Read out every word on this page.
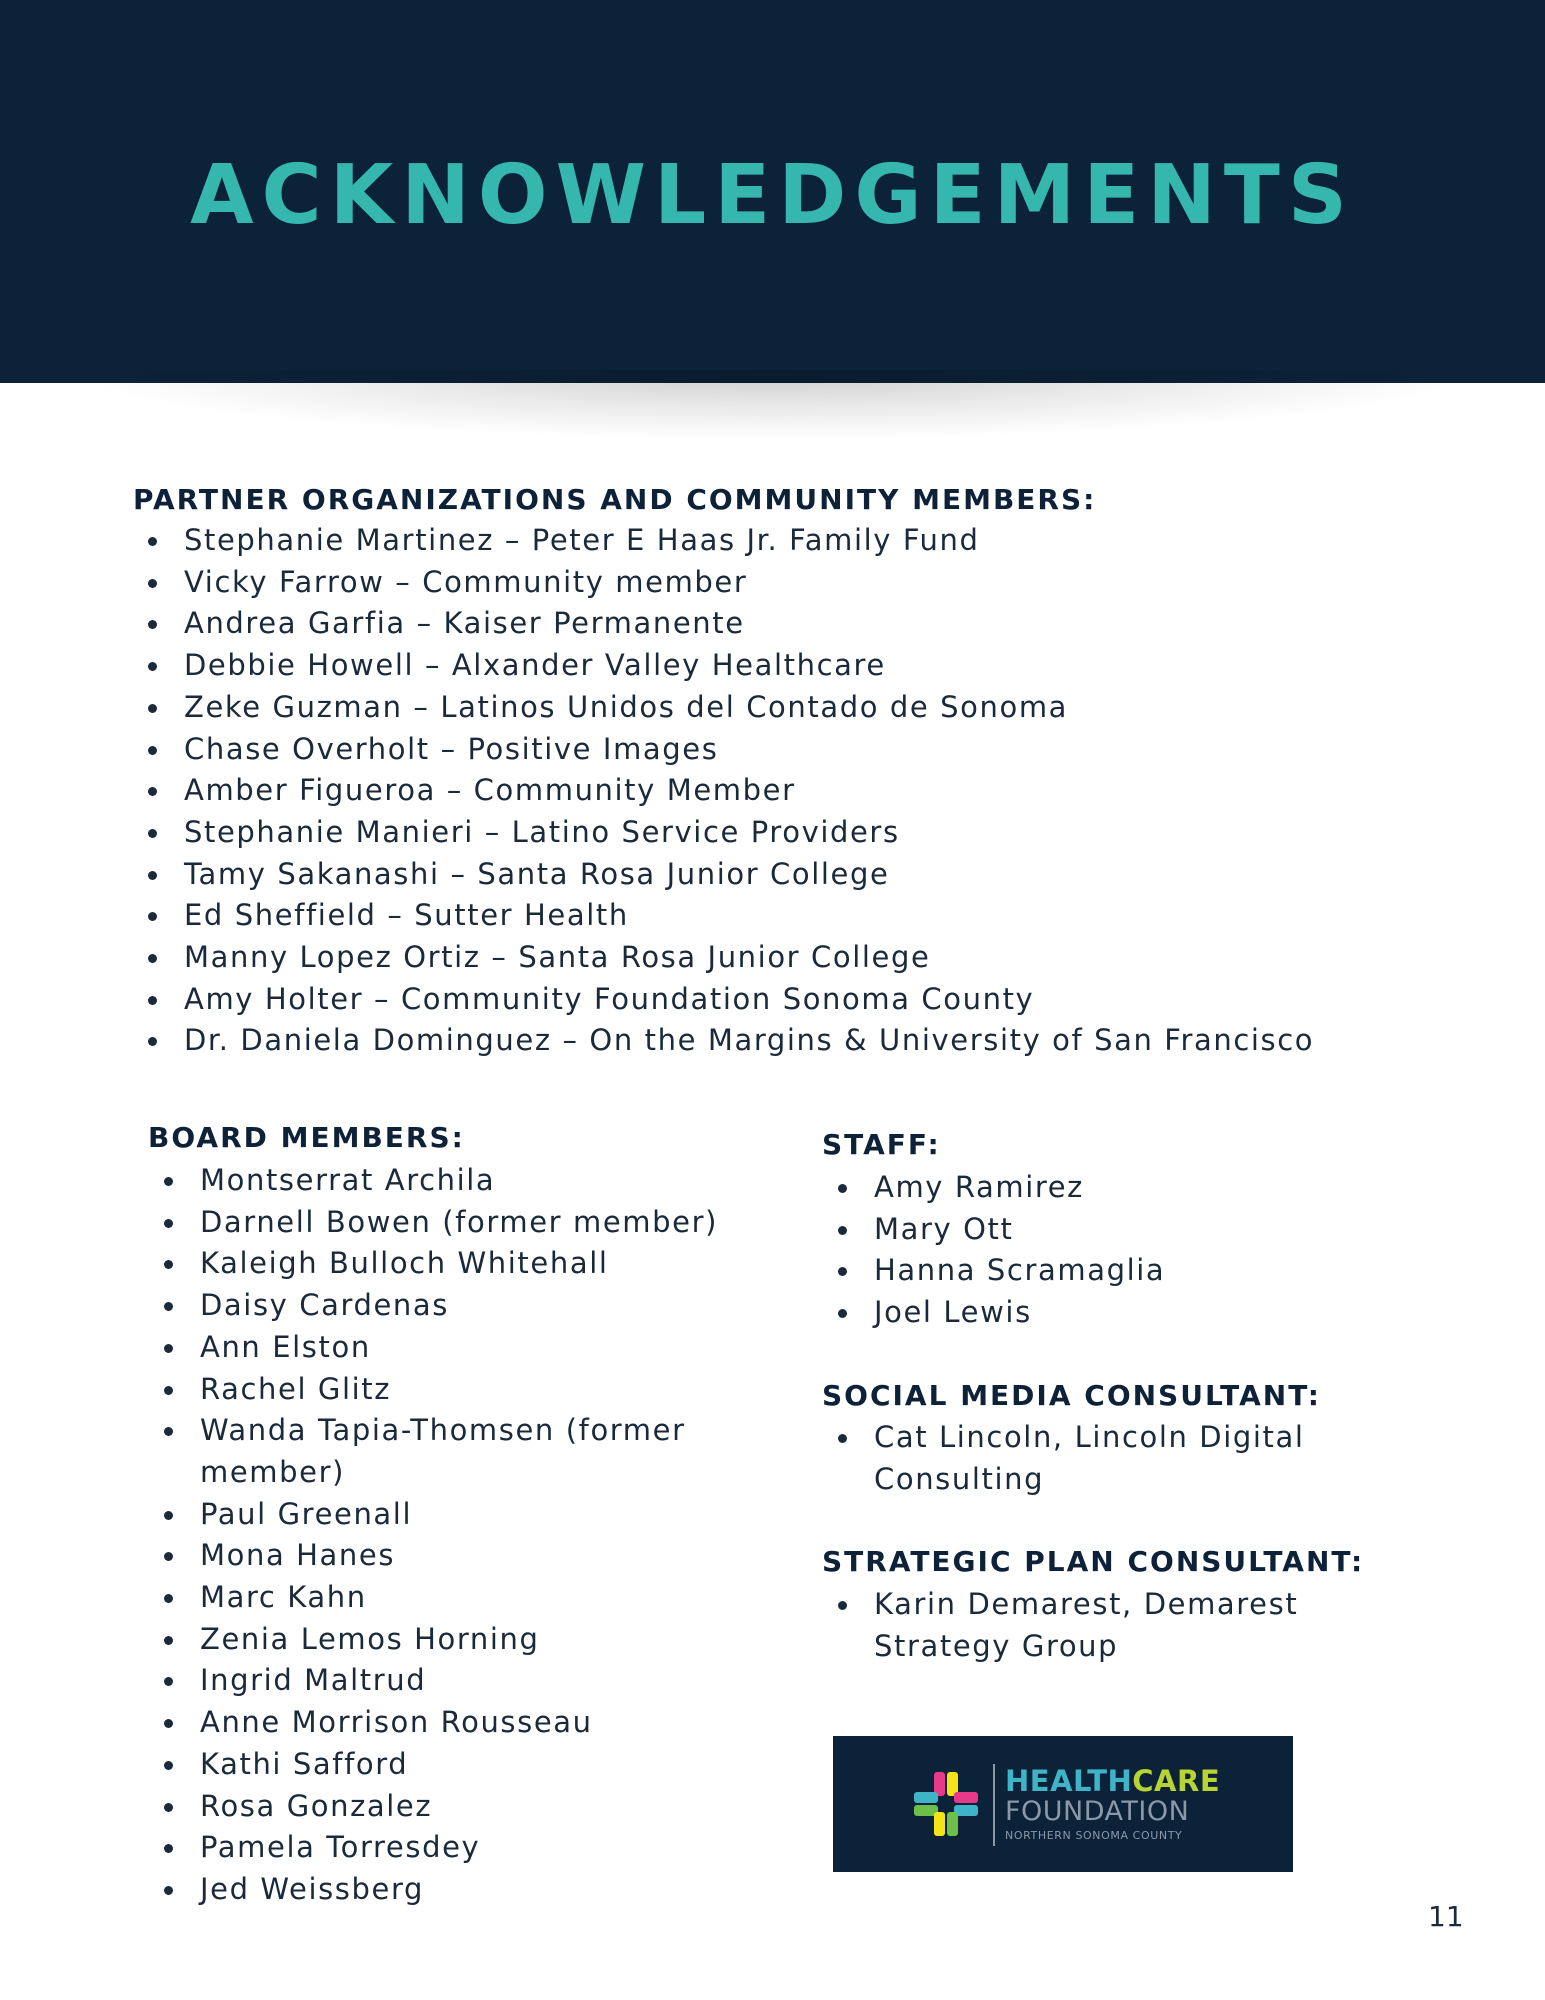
ACKNOWLEDGEMENTS
PARTNER ORGANIZATIONS AND COMMUNITY MEMBERS:
Stephanie Martinez – Peter E Haas Jr. Family Fund
Vicky Farrow – Community member
Andrea Garfia – Kaiser Permanente
Debbie Howell – Alxander Valley Healthcare
Zeke Guzman – Latinos Unidos del Contado de Sonoma
Chase Overholt – Positive Images
Amber Figueroa – Community Member
Stephanie Manieri – Latino Service Providers
Tamy Sakanashi – Santa Rosa Junior College
Ed Sheffield – Sutter Health
Manny Lopez Ortiz – Santa Rosa Junior College
Amy Holter – Community Foundation Sonoma County
Dr. Daniela Dominguez – On the Margins & University of San Francisco
BOARD MEMBERS:
Montserrat Archila
Darnell Bowen (former member)
Kaleigh Bulloch Whitehall
Daisy Cardenas
Ann Elston
Rachel Glitz
Wanda Tapia-Thomsen (former member)
Paul Greenall
Mona Hanes
Marc Kahn
Zenia Lemos Horning
Ingrid Maltrud
Anne Morrison Rousseau
Kathi Safford
Rosa Gonzalez
Pamela Torresdey
Jed Weissberg
STAFF:
Amy Ramirez
Mary Ott
Hanna Scramaglia
Joel Lewis
SOCIAL MEDIA CONSULTANT:
Cat Lincoln, Lincoln Digital Consulting
STRATEGIC PLAN CONSULTANT:
Karin Demarest, Demarest Strategy Group
HEALTHCARE
FOUNDATION
NORTHERN SONOMA COUNTY
11
